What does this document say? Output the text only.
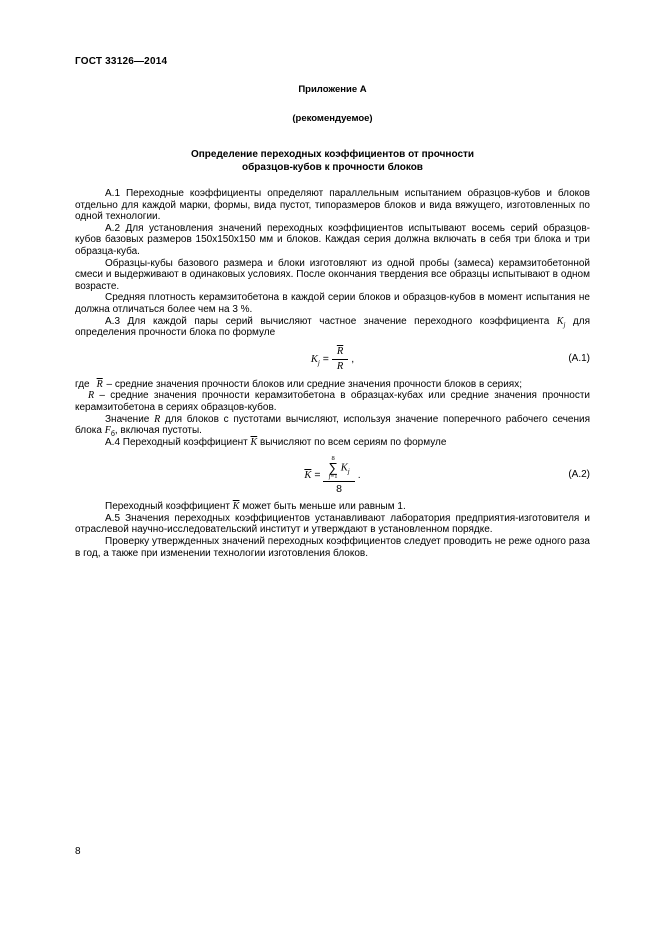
ГОСТ 33126—2014
Приложение А
(рекомендуемое)
Определение переходных коэффициентов от прочности
образцов-кубов к прочности блоков

А.1 Переходные коэффициенты определяют параллельным испытанием образцов-кубов и блоков отдельно для каждой марки, формы, вида пустот, типоразмеров блоков и вида вяжущего, изготовленных по одной технологии.

А.2 Для установления значений переходных коэффициентов испытывают восемь серий образцов-кубов базовых размеров 150х150х150 мм и блоков. Каждая серия должна включать в себя три блока и три образца-куба.

Образцы-кубы базового размера и блоки изготовляют из одной пробы (замеса) керамзитобетонной смеси и выдерживают в одинаковых условиях. После окончания твердения все образцы испытывают в одном возрасте.

Средняя плотность керамзитобетона в каждой серии блоков и образцов-кубов в момент испытания не должна отличаться более чем на 3 %.

А.3 Для каждой пары серий вычисляют частное значение переходного коэффициента $K_j$ для определения прочности блока по формуле

$K_j = \frac{\overline{R}}{R}$ ,	(А.1)

где $\overline{R}$ – средние значения прочности блоков или средние значения прочности блоков в сериях;

R – средние значения прочности керамзитобетона в образцах-кубах или средние значения прочности керамзитобетона в сериях образцов-кубов.

Значение R для блоков с пустотами вычисляют, используя значение поперечного рабочего сечения блока $F_б$, включая пустоты.

А.4 Переходный коэффициент $\overline{K}$ вычисляют по всем сериям по формуле

$\overline{K} = 8$
∑
j=1
$K_j$
8 .	(А.2)

Переходный коэффициент $\overline{K}$ может быть меньше или равным 1.

А.5 Значения переходных коэффициентов устанавливают лаборатория предприятия-изготовителя и отраслевой научно-исследовательский институт и утверждают в установленном порядке.

Проверку утвержденных значений переходных коэффициентов следует проводить не реже одного раза в год, а также при изменении технологии изготовления блоков.

8
